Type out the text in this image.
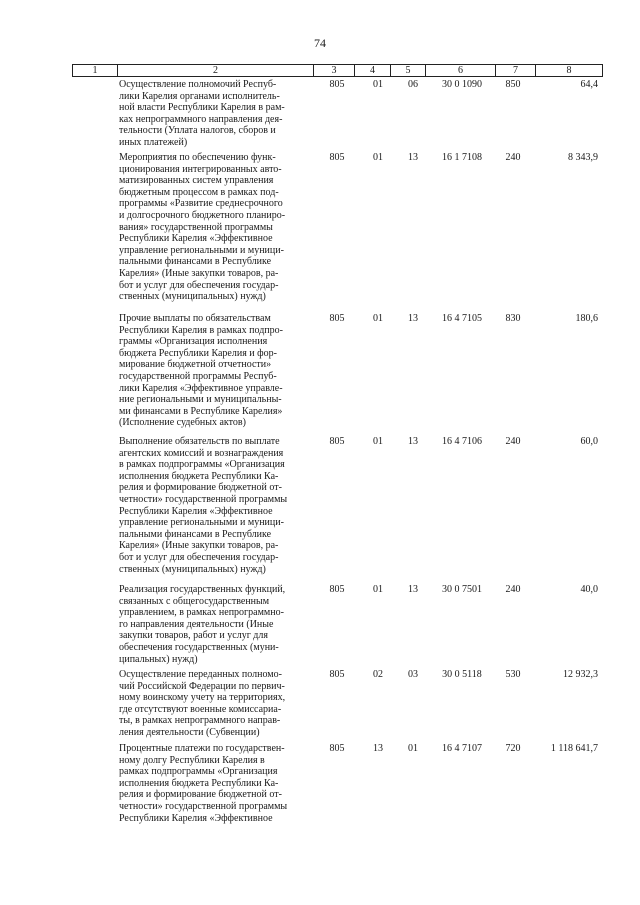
74
1	2	3	4	5	6	7	8
Осуществление полномочий Респуб-
лики Карелия органами исполнитель-
ной власти Республики Карелия в рам-
ках непрограммного направления дея-
тельности (Уплата налогов, сборов и
иных платежей)
805	01	06	30 0 1090	850	64,4
Мероприятия по обеспечению функ-
ционирования интегрированных авто-
матизированных систем управления
бюджетным процессом в рамках под-
программы «Развитие среднесрочного
и долгосрочного бюджетного планиро-
вания» государственной программы
Республики Карелия «Эффективное
управление региональными и муници-
пальными финансами в Республике
Карелия» (Иные закупки товаров, ра-
бот и услуг для обеспечения государ-
ственных (муниципальных) нужд)
805	01	13	16 1 7108	240	8 343,9
Прочие выплаты по обязательствам
Республики Карелия в рамках подпро-
граммы «Организация исполнения
бюджета Республики Карелия и фор-
мирование бюджетной отчетности»
государственной программы Респуб-
лики Карелия «Эффективное управле-
ние региональными и муниципальны-
ми финансами в Республике Карелия»
(Исполнение судебных актов)
805	01	13	16 4 7105	830	180,6
Выполнение обязательств по выплате
агентских комиссий и вознаграждения
в рамках подпрограммы «Организация
исполнения бюджета Республики Ка-
релия и формирование бюджетной от-
четности» государственной программы
Республики Карелия «Эффективное
управление региональными и муници-
пальными финансами в Республике
Карелия» (Иные закупки товаров, ра-
бот и услуг для обеспечения государ-
ственных (муниципальных) нужд)
805	01	13	16 4 7106	240	60,0
Реализация государственных функций,
связанных с общегосударственным
управлением, в рамках непрограммно-
го направления деятельности (Иные
закупки товаров, работ и услуг для
обеспечения государственных (муни-
ципальных) нужд)
805	01	13	30 0 7501	240	40,0
Осуществление переданных полномо-
чий Российской Федерации по первич-
ному воинскому учету на территориях,
где отсутствуют военные комиссариа-
ты, в рамках непрограммного направ-
ления деятельности (Субвенции)
805	02	03	30 0 5118	530	12 932,3
Процентные платежи по государствен-
ному долгу Республики Карелия в
рамках подпрограммы «Организация
исполнения бюджета Республики Ка-
релия и формирование бюджетной от-
четности» государственной программы
Республики Карелия «Эффективное
805	13	01	16 4 7107	720	1 118 641,7
